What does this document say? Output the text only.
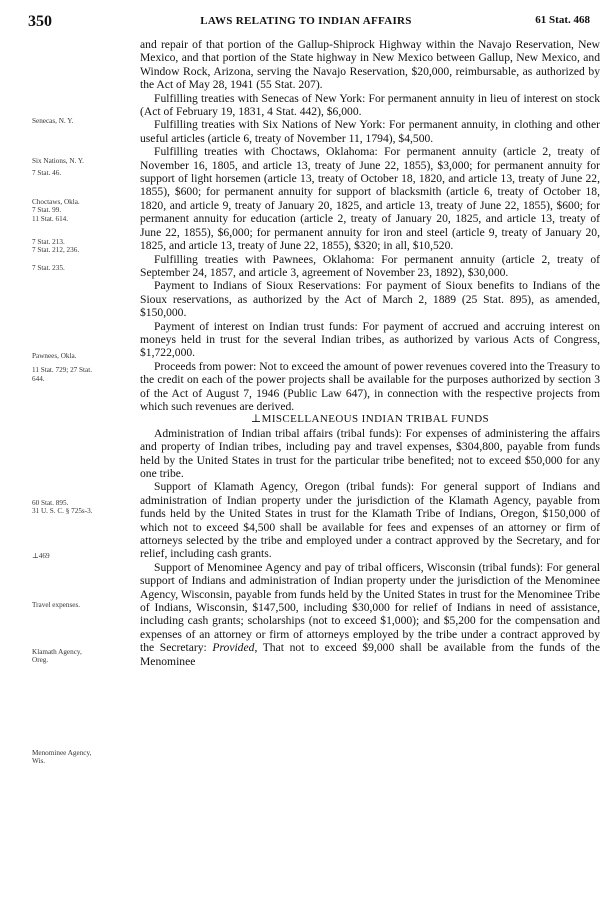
350	LAWS RELATING TO INDIAN AFFAIRS	61 Stat. 468
Senecas, N. Y.
Six Nations, N. Y.
7 Stat. 46.
Choctaws, Okla.
7 Stat. 99.
11 Stat. 614.
7 Stat. 213.
7 Stat. 212, 236.
7 Stat. 235.
Pawnees, Okla.
11 Stat. 729; 27 Stat.
644.
60 Stat. 895.
31 U. S. C. § 725s-3.
⊥469
Travel expenses.
Klamath Agency,
Oreg.
Menominee Agency,
Wis.

and repair of that portion of the Gallup-Shiprock Highway within the Navajo Reservation, New Mexico, and that portion of the State highway in New Mexico between Gallup, New Mexico, and Window Rock, Arizona, serving the Navajo Reservation, $20,000, reimbursable, as authorized by the Act of May 28, 1941 (55 Stat. 207).

Fulfilling treaties with Senecas of New York: For permanent annuity in lieu of interest on stock (Act of February 19, 1831, 4 Stat. 442), $6,000.

Fulfilling treaties with Six Nations of New York: For permanent annuity, in clothing and other useful articles (article 6, treaty of November 11, 1794), $4,500.

Fulfilling treaties with Choctaws, Oklahoma: For permanent annuity (article 2, treaty of November 16, 1805, and article 13, treaty of June 22, 1855), $3,000; for permanent annuity for support of light horsemen (article 13, treaty of October 18, 1820, and article 13, treaty of June 22, 1855), $600; for permanent annuity for support of blacksmith (article 6, treaty of October 18, 1820, and article 9, treaty of January 20, 1825, and article 13, treaty of June 22, 1855), $600; for permanent annuity for education (article 2, treaty of January 20, 1825, and article 13, treaty of June 22, 1855), $6,000; for permanent annuity for iron and steel (article 9, treaty of January 20, 1825, and article 13, treaty of June 22, 1855), $320; in all, $10,520.

Fulfilling treaties with Pawnees, Oklahoma: For permanent annuity (article 2, treaty of September 24, 1857, and article 3, agreement of November 23, 1892), $30,000.

Payment to Indians of Sioux Reservations: For payment of Sioux benefits to Indians of the Sioux reservations, as authorized by the Act of March 2, 1889 (25 Stat. 895), as amended, $150,000.

Payment of interest on Indian trust funds: For payment of accrued and accruing interest on moneys held in trust for the several Indian tribes, as authorized by various Acts of Congress, $1,722,000.

Proceeds from power: Not to exceed the amount of power revenues covered into the Treasury to the credit on each of the power projects shall be available for the purposes authorized by section 3 of the Act of August 7, 1946 (Public Law 647), in connection with the respective projects from which such revenues are derived.

⊥MISCELLANEOUS INDIAN TRIBAL FUNDS

Administration of Indian tribal affairs (tribal funds): For expenses of administering the affairs and property of Indian tribes, including pay and travel expenses, $304,800, payable from funds held by the United States in trust for the particular tribe benefited; not to exceed $50,000 for any one tribe.

Support of Klamath Agency, Oregon (tribal funds): For general support of Indians and administration of Indian property under the jurisdiction of the Klamath Agency, payable from funds held by the United States in trust for the Klamath Tribe of Indians, Oregon, $150,000 of which not to exceed $4,500 shall be available for fees and expenses of an attorney or firm of attorneys selected by the tribe and employed under a contract approved by the Secretary, and for relief, including cash grants.

Support of Menominee Agency and pay of tribal officers, Wisconsin (tribal funds): For general support of Indians and administration of Indian property under the jurisdiction of the Menominee Agency, Wisconsin, payable from funds held by the United States in trust for the Menominee Tribe of Indians, Wisconsin, $147,500, including $30,000 for relief of Indians in need of assistance, including cash grants; scholarships (not to exceed $1,000); and $5,200 for the compensation and expenses of an attorney or firm of attorneys employed by the tribe under a contract approved by the Secretary: Provided, That not to exceed $9,000 shall be available from the funds of the Menominee
